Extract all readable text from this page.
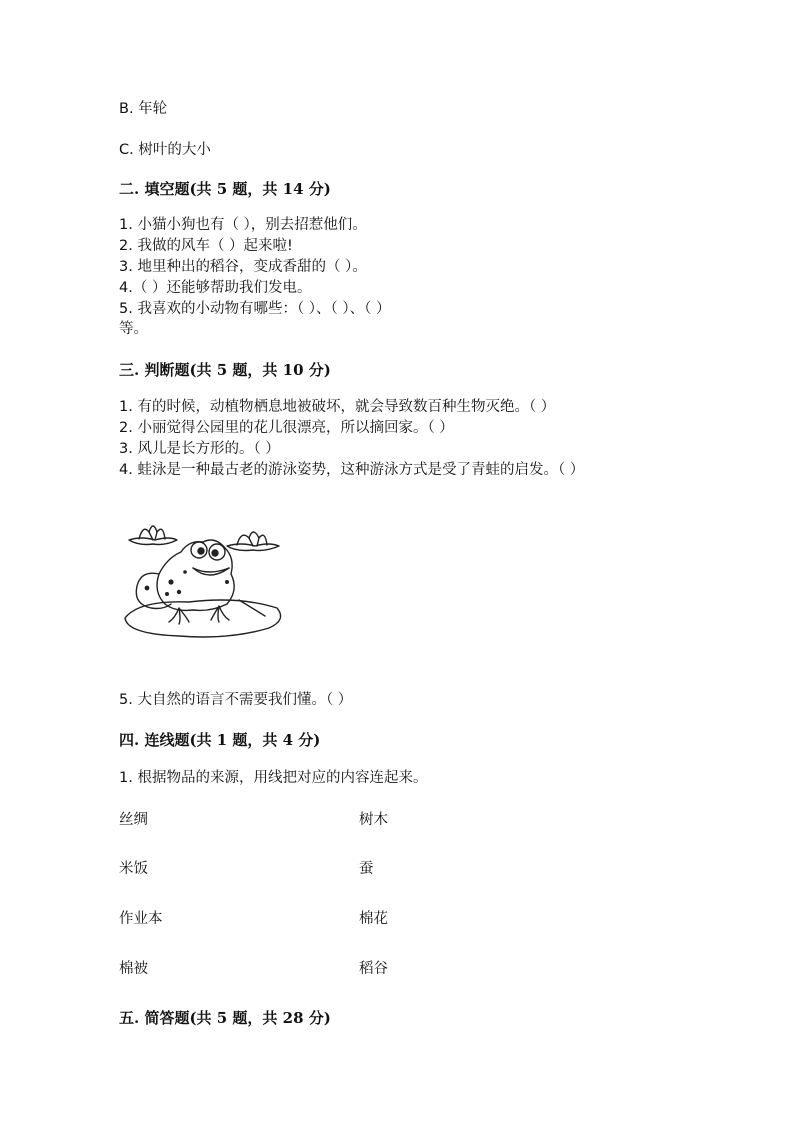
B. 年轮
C. 树叶的大小
二. 填空题(共 5 题，共 14 分)
1. 小猫小狗也有（ ），别去招惹他们。
2. 我做的风车（ ）起来啦!
3. 地里种出的稻谷，变成香甜的（ ）。
4.（ ）还能够帮助我们发电。
5. 我喜欢的小动物有哪些：（ ）、（ ）、（ ）
等。
三. 判断题(共 5 题，共 10 分)
1. 有的时候，动植物栖息地被破坏，就会导致数百种生物灭绝。（ ）
2. 小丽觉得公园里的花儿很漂亮，所以摘回家。（ ）
3. 风儿是长方形的。（ ）
4. 蛙泳是一种最古老的游泳姿势，这种游泳方式是受了青蛙的启发。（ ）
5. 大自然的语言不需要我们懂。（ ）
四. 连线题(共 1 题，共 4 分)
1. 根据物品的来源，用线把对应的内容连起来。
丝绸	树木
米饭	蚕
作业本	棉花
棉被	稻谷
五. 简答题(共 5 题，共 28 分)
